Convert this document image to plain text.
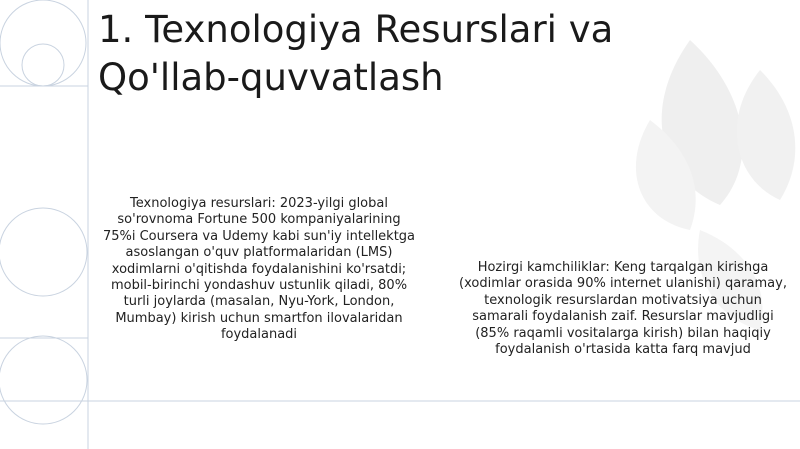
1. Texnologiya Resurslari va Qo'llab-quvvatlash
Texnologiya resurslari: 2023-yilgi global so'rovnoma Fortune 500 kompaniyalarining 75%i Coursera va Udemy kabi sun'iy intellektga asoslangan o'quv platformalaridan (LMS) xodimlarni o'qitishda foydalanishini ko'rsatdi; mobil-birinchi yondashuv ustunlik qiladi, 80% turli joylarda (masalan, Nyu-York, London, Mumbay) kirish uchun smartfon ilovalaridan foydalanadi
Hozirgi kamchiliklar: Keng tarqalgan kirishga (xodimlar orasida 90% internet ulanishi) qaramay, texnologik resurslardan motivatsiya uchun samarali foydalanish zaif. Resurslar mavjudligi (85% raqamli vositalarga kirish) bilan haqiqiy foydalanish o'rtasida katta farq mavjud
